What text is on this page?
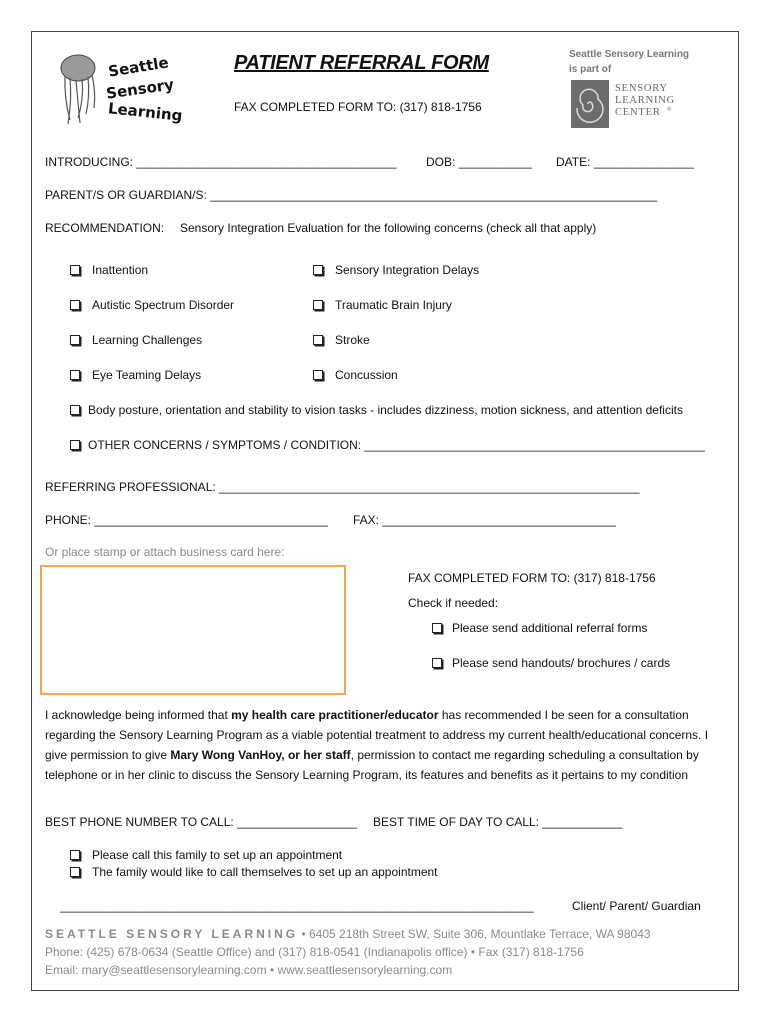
Seattle
Sensory
Learning
PATIENT REFERRAL FORM
FAX COMPLETED FORM TO: (317) 818-1756
Seattle Sensory Learning
is part of
SENSORY
LEARNING
CENTER ®
INTRODUCING: _______________________________________ DOB: ___________ DATE: _______________
PARENT/S OR GUARDIAN/S: ___________________________________________________________________
RECOMMENDATION: Sensory Integration Evaluation for the following concerns (check all that apply)
Inattention
Autistic Spectrum Disorder
Learning Challenges
Eye Teaming Delays
Sensory Integration Delays
Traumatic Brain Injury
Stroke
Concussion
Body posture, orientation and stability to vision tasks - includes dizziness, motion sickness, and attention deficits
OTHER CONCERNS / SYMPTOMS / CONDITION: ___________________________________________________
REFERRING PROFESSIONAL: _______________________________________________________________
PHONE: ___________________________________ FAX: ___________________________________
Or place stamp or attach business card here:
FAX COMPLETED FORM TO: (317) 818-1756
Check if needed:
Please send additional referral forms
Please send handouts/ brochures / cards
I acknowledge being informed that my health care practitioner/educator has recommended I be seen for a consultation regarding the Sensory Learning Program as a viable potential treatment to address my current health/educational concerns. I give permission to give Mary Wong VanHoy, or her staff, permission to contact me regarding scheduling a consultation by telephone or in her clinic to discuss the Sensory Learning Program, its features and benefits as it pertains to my condition
BEST PHONE NUMBER TO CALL: __________________ BEST TIME OF DAY TO CALL: ____________
Please call this family to set up an appointment
The family would like to call themselves to set up an appointment
_______________________________________________________________________	Client/ Parent/ Guardian
SEATTLE SENSORY LEARNING • 6405 218th Street SW, Suite 306, Mountlake Terrace, WA 98043
Phone: (425) 678-0634 (Seattle Office) and (317) 818-0541 (Indianapolis office) • Fax (317) 818-1756
Email: mary@seattlesensorylearning.com • www.seattlesensorylearning.com
